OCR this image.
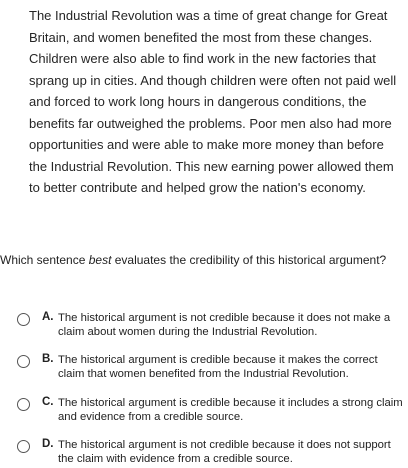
The Industrial Revolution was a time of great change for Great Britain, and women benefited the most from these changes. Children were also able to find work in the new factories that sprang up in cities. And though children were often not paid well and forced to work long hours in dangerous conditions, the benefits far outweighed the problems. Poor men also had more opportunities and were able to make more money than before the Industrial Revolution. This new earning power allowed them to better contribute and helped grow the nation's economy.
Which sentence best evaluates the credibility of this historical argument?
A. The historical argument is not credible because it does not make a claim about women during the Industrial Revolution.
B. The historical argument is credible because it makes the correct claim that women benefited from the Industrial Revolution.
C. The historical argument is credible because it includes a strong claim and evidence from a credible source.
D. The historical argument is not credible because it does not support the claim with evidence from a credible source.
